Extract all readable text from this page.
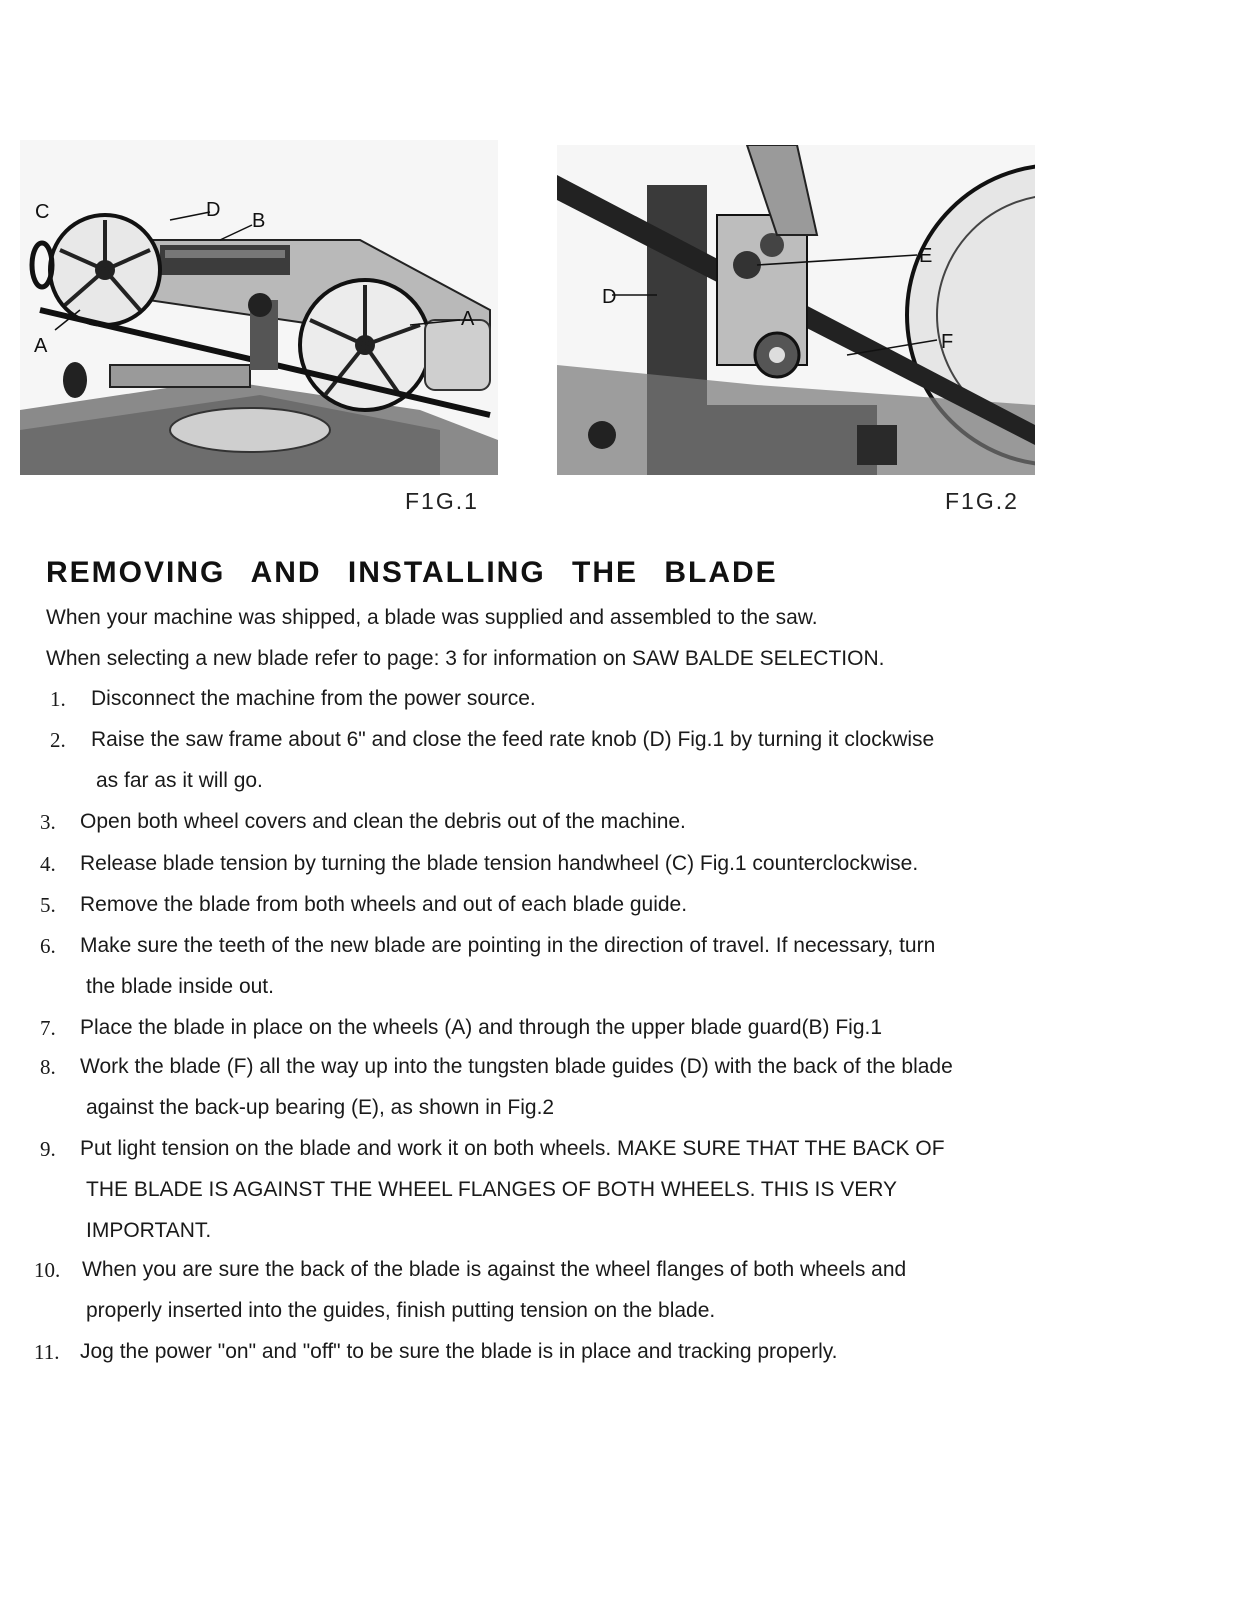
C	D B
A
A
E
D
F
F1G.1	F1G.2
REMOVING AND INSTALLING THE BLADE
When your machine was shipped, a blade was supplied and assembled to the saw.
When selecting a new blade refer to page: 3 for information on SAW BALDE SELECTION.
1. Disconnect the machine from the power source.
2. Raise the saw frame about 6" and close the feed rate knob (D) Fig.1 by turning it clockwise
as far as it will go.
3. Open both wheel covers and clean the debris out of the machine.
4. Release blade tension by turning the blade tension handwheel (C) Fig.1 counterclockwise.
5. Remove the blade from both wheels and out of each blade guide.
6. Make sure the teeth of the new blade are pointing in the direction of travel. If necessary, turn
the blade inside out.
7. Place the blade in place on the wheels (A) and through the upper blade guard(B) Fig.1
8. Work the blade (F) all the way up into the tungsten blade guides (D) with the back of the blade
against the back-up bearing (E), as shown in Fig.2
9. Put light tension on the blade and work it on both wheels. MAKE SURE THAT THE BACK OF
THE BLADE IS AGAINST THE WHEEL FLANGES OF BOTH WHEELS. THIS IS VERY
IMPORTANT.
10. When you are sure the back of the blade is against the wheel flanges of both wheels and
properly inserted into the guides, finish putting tension on the blade.
11. Jog the power "on" and "off" to be sure the blade is in place and tracking properly.
